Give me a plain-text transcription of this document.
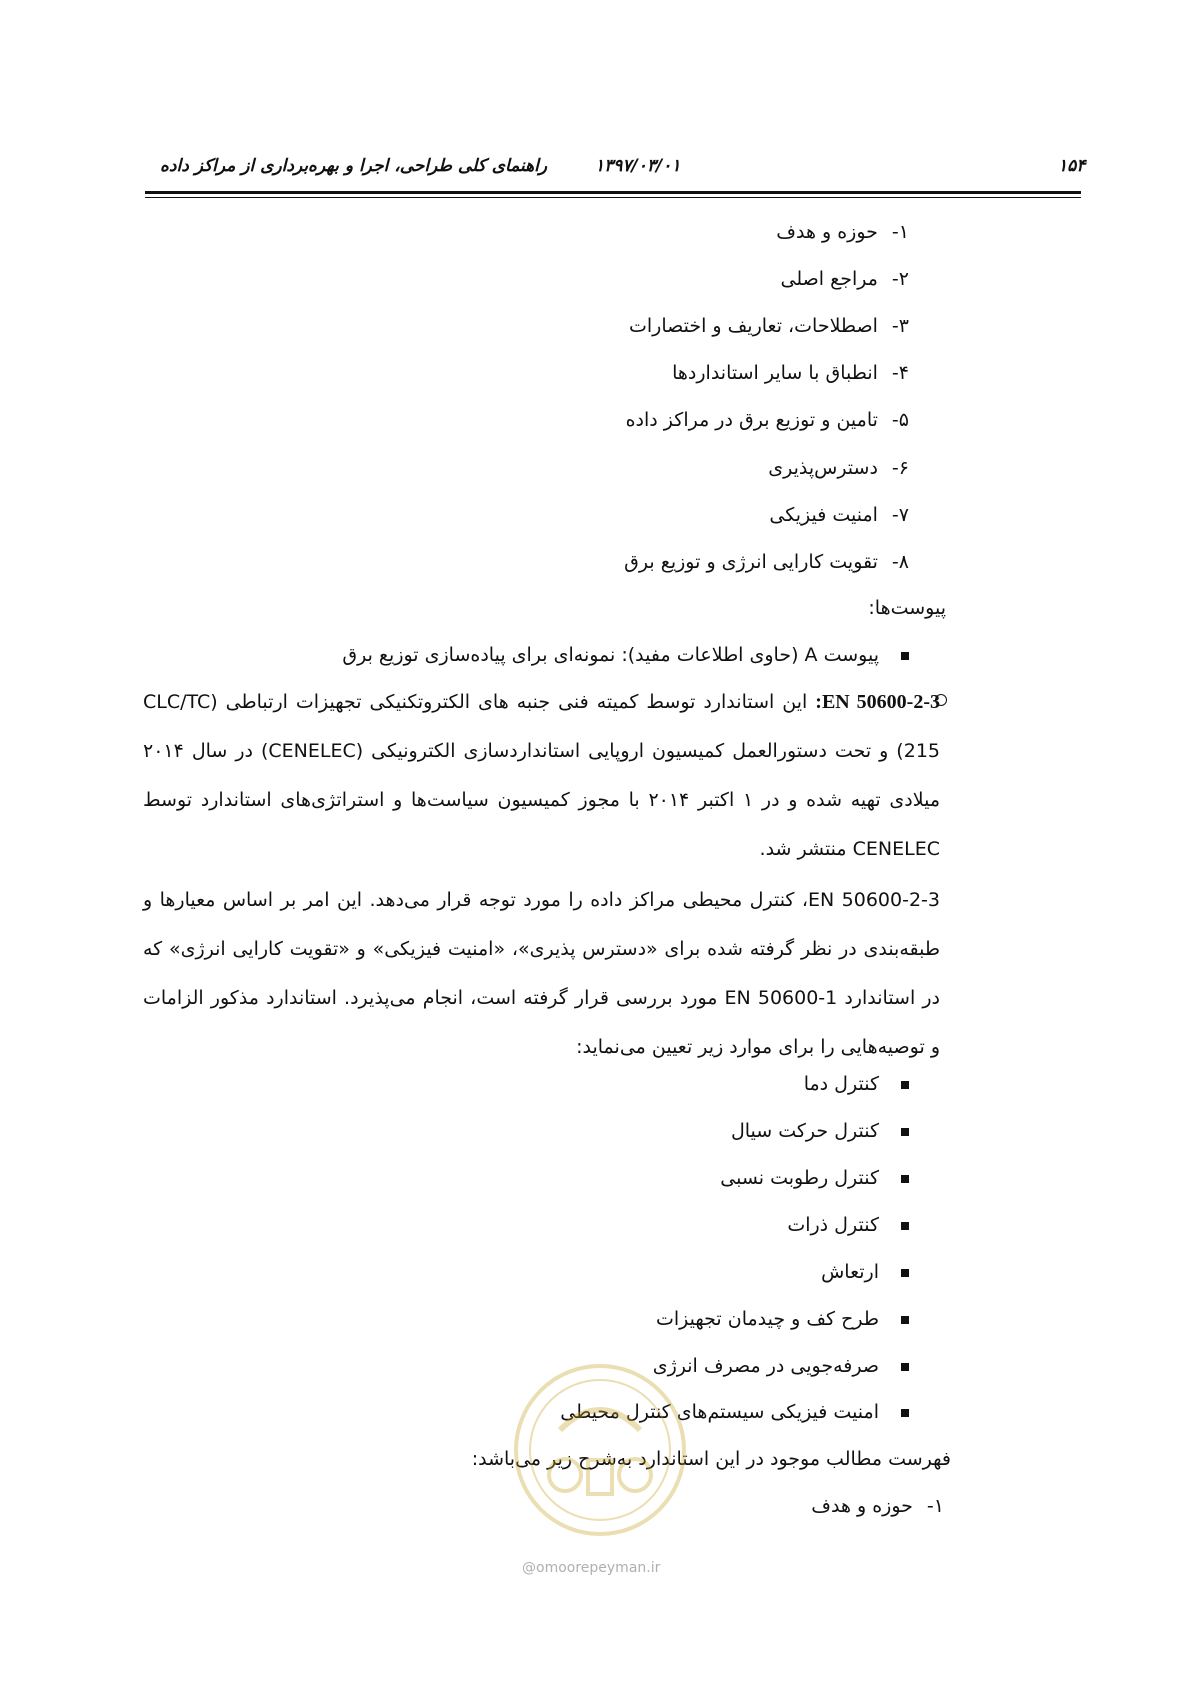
۱۵۴
۱۳۹۷/۰۳/۰۱
راهنمای کلی طراحی، اجرا و بهره‌برداری از مراکز داده
۱-حوزه و هدف
۲-مراجع اصلی
۳-اصطلاحات، تعاریف و اختصارات
۴-انطباق با سایر استانداردها
۵-تامین و توزیع برق در مراکز داده
۶-دسترس‌پذیری
۷-امنیت فیزیکی
۸-تقویت کارایی انرژی و توزیع برق
پیوست‌ها:
پیوست A (حاوی اطلاعات مفید): نمونه‌ای برای پیاده‌سازی توزیع برق
EN 50600-2-3: این استاندارد توسط کمیته فنی جنبه های الکتروتکنیکی تجهیزات ارتباطی (CLC/TC 215) و تحت دستورالعمل کمیسیون اروپایی استانداردسازی الکترونیکی (CENELEC) در سال ۲۰۱۴ میلادی تهیه شده و در ۱ اکتبر ۲۰۱۴ با مجوز کمیسیون سیاست‌ها و استراتژی‌های استاندارد توسط CENELEC منتشر شد.
EN 50600-2-3، کنترل محیطی مراکز داده را مورد توجه قرار می‌دهد. این امر بر اساس معیارها و طبقه‌بندی در نظر گرفته شده برای «دسترس پذیری»، «امنیت فیزیکی» و «تقویت کارایی انرژی» که در استاندارد EN 50600-1 مورد بررسی قرار گرفته است، انجام می‌پذیرد. استاندارد مذکور الزامات و توصیه‌هایی را برای موارد زیر تعیین می‌نماید:
کنترل دما
کنترل حرکت سیال
کنترل رطوبت نسبی
کنترل ذرات
ارتعاش
طرح کف و چیدمان تجهیزات
صرفه‌جویی در مصرف انرژی
امنیت فیزیکی سیستم‌های کنترل محیطی
فهرست مطالب موجود در این استاندارد به‌شرح زیر می‌باشد:
۱-حوزه و هدف
@omoorepeyman.ir
